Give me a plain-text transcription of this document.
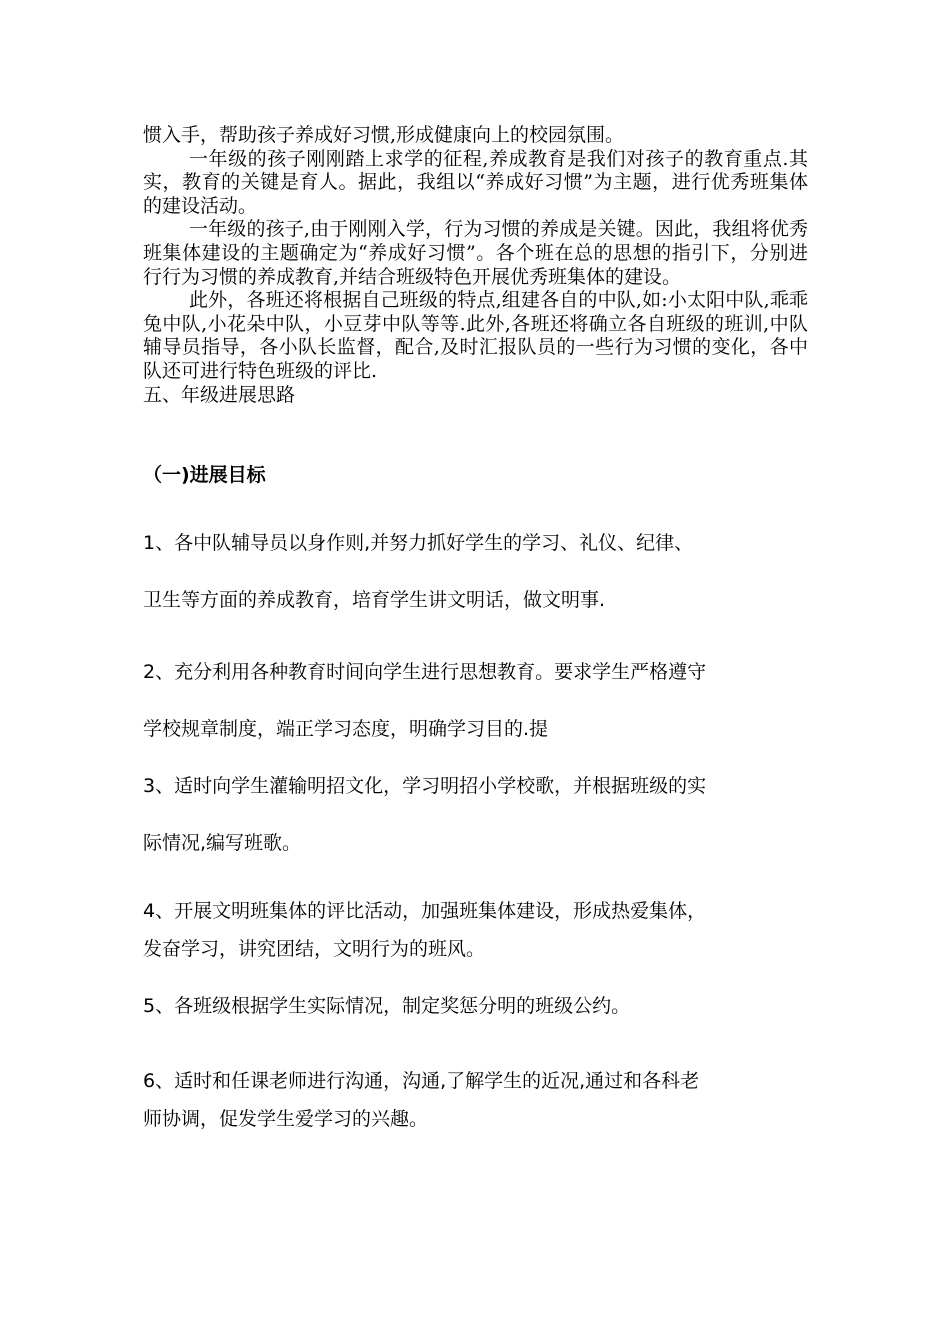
惯入手，帮助孩子养成好习惯,形成健康向上的校园氛围。

一年级的孩子刚刚踏上求学的征程,养成教育是我们对孩子的教育重点.其实，教育的关键是育人。据此，我组以“养成好习惯”为主题，进行优秀班集体的建设活动。

一年级的孩子,由于刚刚入学，行为习惯的养成是关键。因此，我组将优秀班集体建设的主题确定为“养成好习惯”。各个班在总的思想的指引下，分别进行行为习惯的养成教育,并结合班级特色开展优秀班集体的建设。

此外，各班还将根据自己班级的特点,组建各自的中队,如:小太阳中队,乖乖兔中队,小花朵中队，小豆芽中队等等.此外,各班还将确立各自班级的班训,中队辅导员指导，各小队长监督，配合,及时汇报队员的一些行为习惯的变化，各中队还可进行特色班级的评比.

五、年级进展思路

（一)进展目标

1、各中队辅导员以身作则,并努力抓好学生的学习、礼仪、纪律、

卫生等方面的养成教育，培育学生讲文明话，做文明事.

2、充分利用各种教育时间向学生进行思想教育。要求学生严格遵守

学校规章制度，端正学习态度，明确学习目的.提

3、适时向学生灌输明招文化，学习明招小学校歌，并根据班级的实

际情况,编写班歌。

4、开展文明班集体的评比活动，加强班集体建设，形成热爱集体，

发奋学习，讲究团结，文明行为的班风。

5、各班级根据学生实际情况，制定奖惩分明的班级公约。

6、适时和任课老师进行沟通，沟通,了解学生的近况,通过和各科老

师协调，促发学生爱学习的兴趣。
